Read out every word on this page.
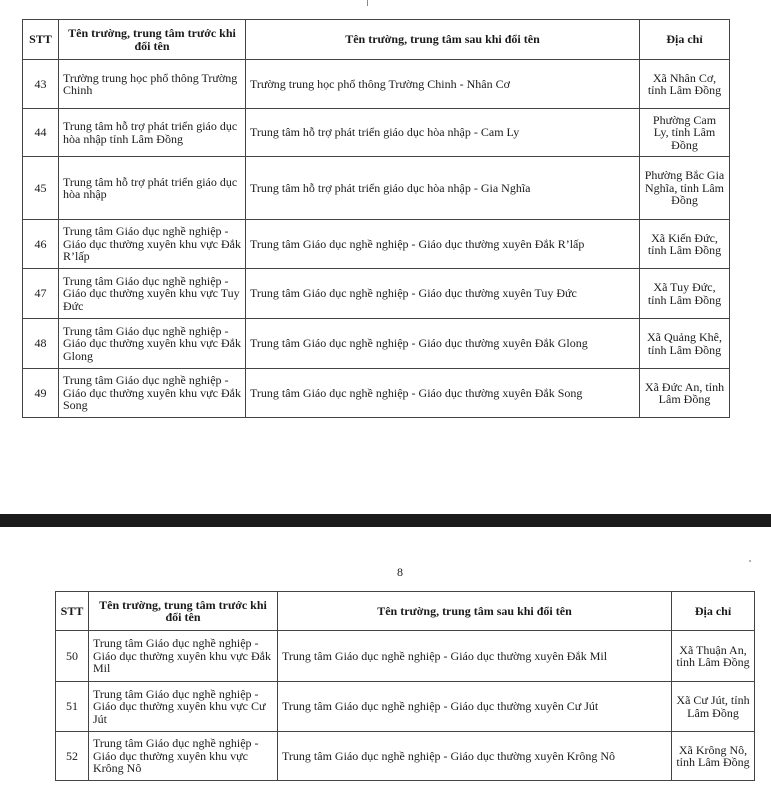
STT	Tên trường, trung tâm trước khi đổi tên	Tên trường, trung tâm sau khi đổi tên	Địa chỉ
43	Trường trung học phổ thông Trường Chinh	Trường trung học phổ thông Trường Chinh - Nhân Cơ	Xã Nhân Cơ, tỉnh Lâm Đồng
44	Trung tâm hỗ trợ phát triển giáo dục hòa nhập tỉnh Lâm Đồng	Trung tâm hỗ trợ phát triển giáo dục hòa nhập - Cam Ly	Phường Cam Ly, tỉnh Lâm Đồng
45	Trung tâm hỗ trợ phát triển giáo dục hòa nhập	Trung tâm hỗ trợ phát triển giáo dục hòa nhập - Gia Nghĩa	Phường Bắc Gia Nghĩa, tỉnh Lâm Đồng
46	Trung tâm Giáo dục nghề nghiệp - Giáo dục thường xuyên khu vực Đắk R’lấp	Trung tâm Giáo dục nghề nghiệp - Giáo dục thường xuyên Đắk R’lấp	Xã Kiến Đức, tỉnh Lâm Đồng
47	Trung tâm Giáo dục nghề nghiệp - Giáo dục thường xuyên khu vực Tuy Đức	Trung tâm Giáo dục nghề nghiệp - Giáo dục thường xuyên Tuy Đức	Xã Tuy Đức, tỉnh Lâm Đồng
48	Trung tâm Giáo dục nghề nghiệp - Giáo dục thường xuyên khu vực Đắk Glong	Trung tâm Giáo dục nghề nghiệp - Giáo dục thường xuyên Đắk Glong	Xã Quảng Khê, tỉnh Lâm Đồng
49	Trung tâm Giáo dục nghề nghiệp - Giáo dục thường xuyên khu vực Đắk Song	Trung tâm Giáo dục nghề nghiệp - Giáo dục thường xuyên Đắk Song	Xã Đức An, tỉnh Lâm Đồng
8
STT	Tên trường, trung tâm trước khi đổi tên	Tên trường, trung tâm sau khi đổi tên	Địa chỉ
50	Trung tâm Giáo dục nghề nghiệp - Giáo dục thường xuyên khu vực Đắk Mil	Trung tâm Giáo dục nghề nghiệp - Giáo dục thường xuyên Đắk Mil	Xã Thuận An, tỉnh Lâm Đồng
51	Trung tâm Giáo dục nghề nghiệp - Giáo dục thường xuyên khu vực Cư Jút	Trung tâm Giáo dục nghề nghiệp - Giáo dục thường xuyên Cư Jút	Xã Cư Jút, tỉnh Lâm Đồng
52	Trung tâm Giáo dục nghề nghiệp - Giáo dục thường xuyên khu vực Krông Nô	Trung tâm Giáo dục nghề nghiệp - Giáo dục thường xuyên Krông Nô	Xã Krông Nô, tỉnh Lâm Đồng
